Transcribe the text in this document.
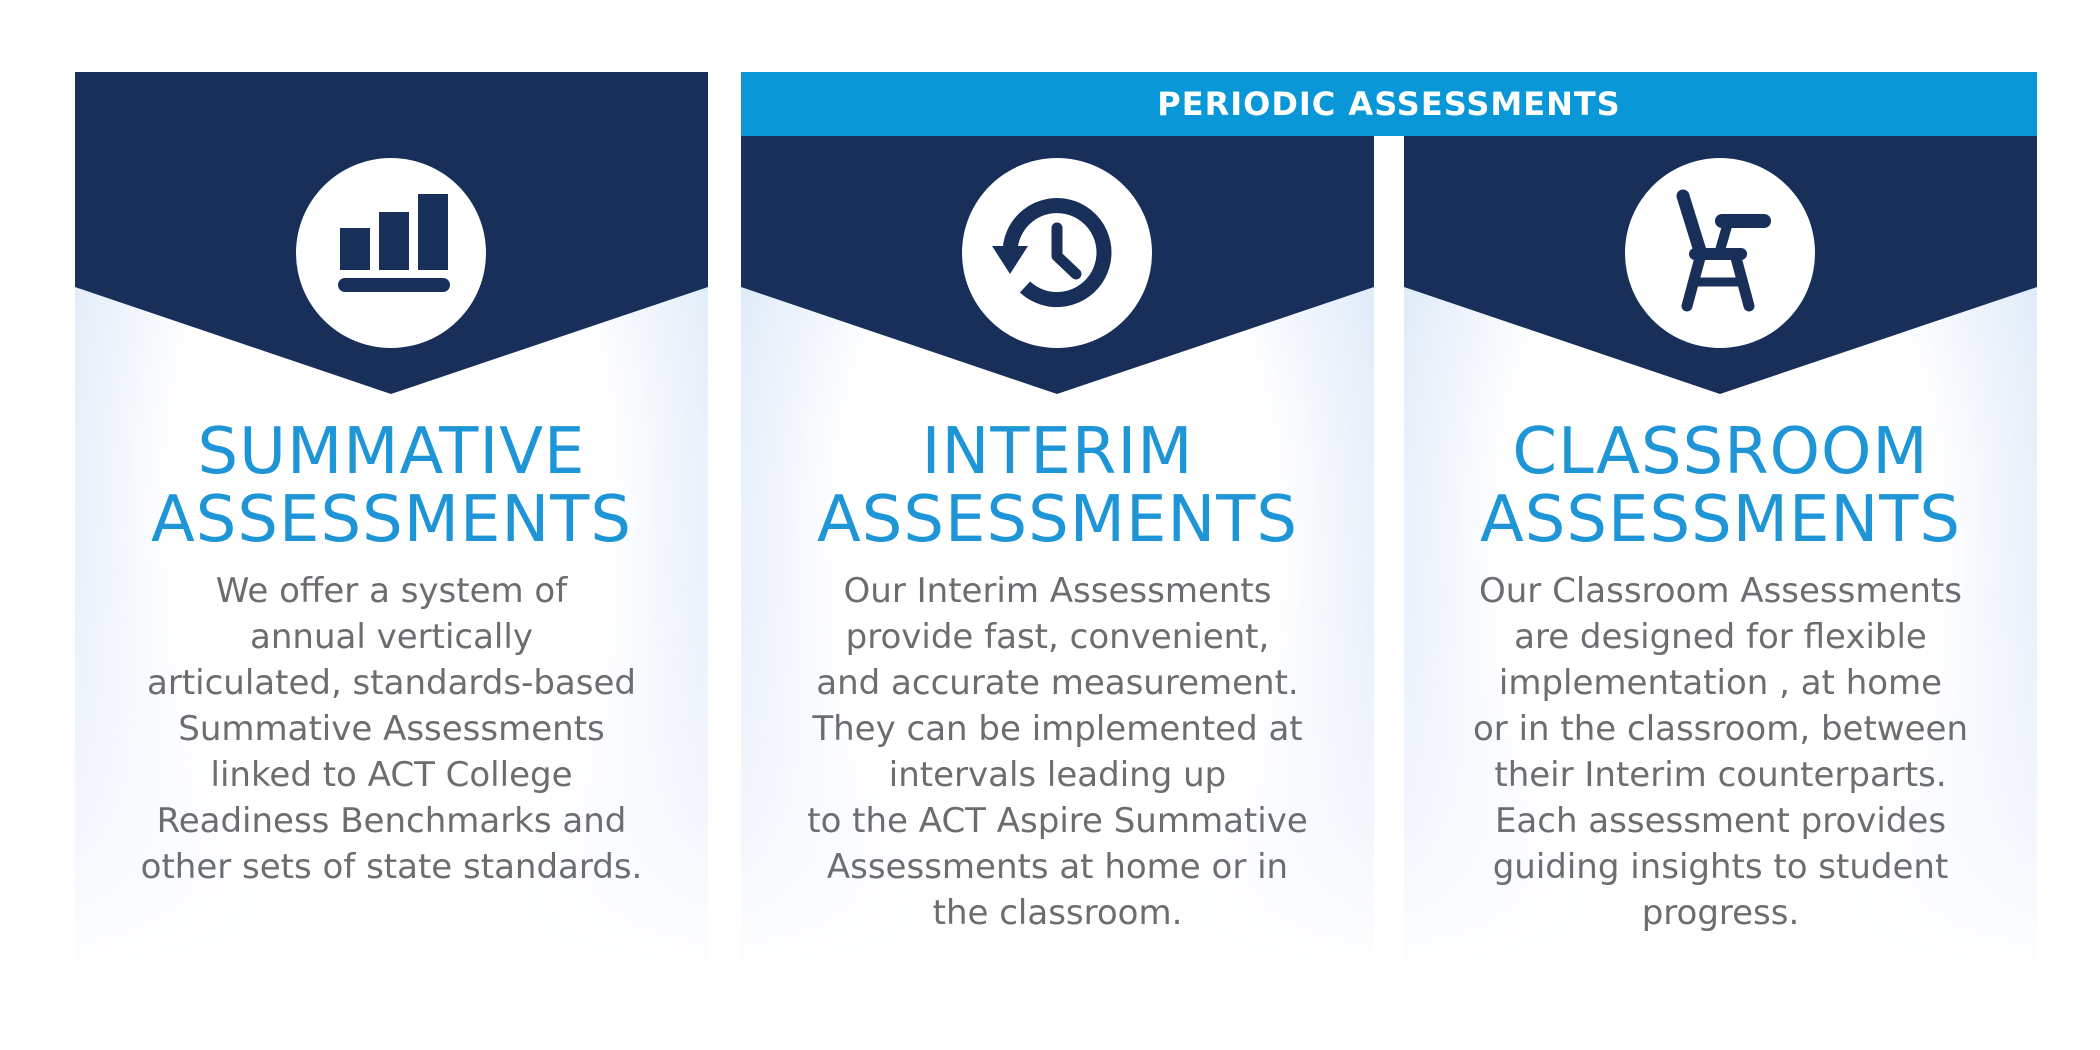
PERIODIC ASSESSMENTS
SUMMATIVE
ASSESSMENTS

We offer a system of
annual vertically
articulated, standards-based
Summative Assessments
linked to ACT College
Readiness Benchmarks and
other sets of state standards.

INTERIM
ASSESSMENTS

Our Interim Assessments
provide fast, convenient,
and accurate measurement.
They can be implemented at
intervals leading up
to the ACT Aspire Summative
Assessments at home or in
the classroom.

CLASSROOM
ASSESSMENTS

Our Classroom Assessments
are designed for flexible
implementation , at home
or in the classroom, between
their Interim counterparts.
Each assessment provides
guiding insights to student
progress.
